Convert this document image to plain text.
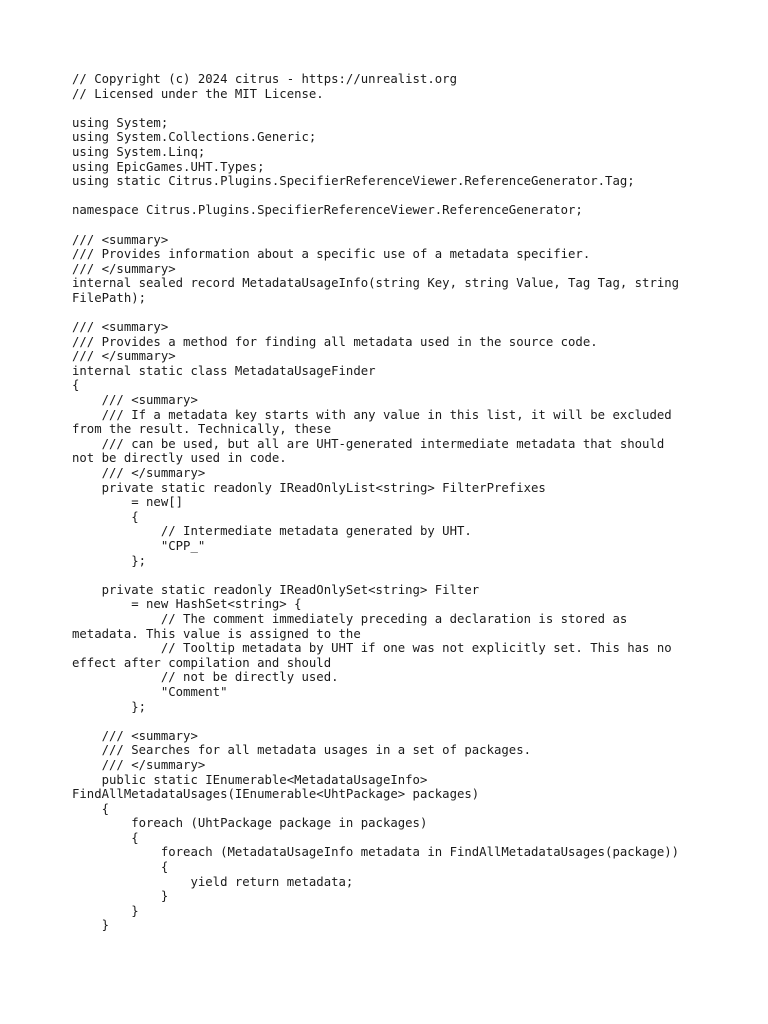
// Copyright (c) 2024 citrus - https://unrealist.org
// Licensed under the MIT License.
using System;
using System.Collections.Generic;
using System.Linq;
using EpicGames.UHT.Types;
using static Citrus.Plugins.SpecifierReferenceViewer.ReferenceGenerator.Tag;
namespace Citrus.Plugins.SpecifierReferenceViewer.ReferenceGenerator;
/// <summary>
/// Provides information about a specific use of a metadata specifier.
/// </summary>
internal sealed record MetadataUsageInfo(string Key, string Value, Tag Tag, string
FilePath);
/// <summary>
/// Provides a method for finding all metadata used in the source code.
/// </summary>
internal static class MetadataUsageFinder
{
/// <summary>
/// If a metadata key starts with any value in this list, it will be excluded
from the result. Technically, these
/// can be used, but all are UHT-generated intermediate metadata that should
not be directly used in code.
/// </summary>
private static readonly IReadOnlyList<string> FilterPrefixes
= new[]
{
// Intermediate metadata generated by UHT.
"CPP_"
};
private static readonly IReadOnlySet<string> Filter
= new HashSet<string> {
// The comment immediately preceding a declaration is stored as
metadata. This value is assigned to the
// Tooltip metadata by UHT if one was not explicitly set. This has no
effect after compilation and should
// not be directly used.
"Comment"
};
/// <summary>
/// Searches for all metadata usages in a set of packages.
/// </summary>
public static IEnumerable<MetadataUsageInfo>
FindAllMetadataUsages(IEnumerable<UhtPackage> packages)
{
foreach (UhtPackage package in packages)
{
foreach (MetadataUsageInfo metadata in FindAllMetadataUsages(package))
{
yield return metadata;
}
}
}
